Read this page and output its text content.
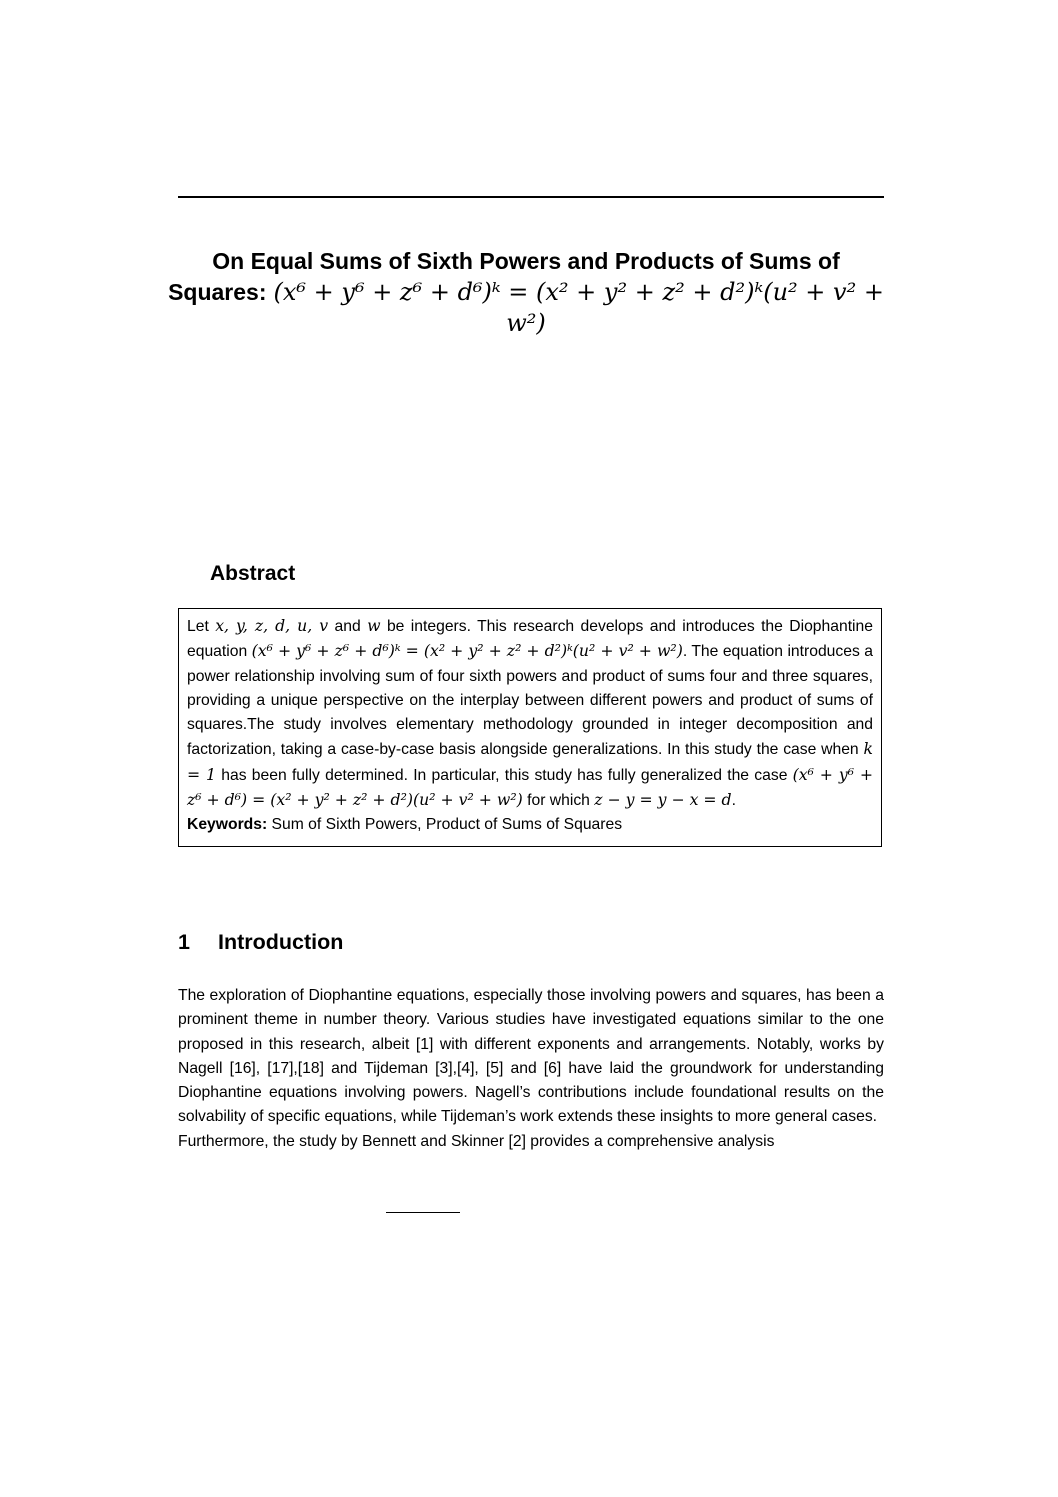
On Equal Sums of Sixth Powers and Products of Sums of
Squares: (x⁶ + y⁶ + z⁶ + d⁶)ᵏ = (x² + y² + z² + d²)ᵏ(u² + v² + w²)
Abstract

Let x, y, z, d, u, v and w be integers. This research develops and introduces the Diophantine equation (x⁶ + y⁶ + z⁶ + d⁶)ᵏ = (x² + y² + z² + d²)ᵏ(u² + v² + w²). The equation introduces a power relationship involving sum of four sixth powers and product of sums four and three squares, providing a unique perspective on the interplay between different powers and product of sums of squares.The study involves elementary methodology grounded in integer decomposition and factorization, taking a case-by-case basis alongside generalizations. In this study the case when k = 1 has been fully determined. In particular, this study has fully generalized the case (x⁶ + y⁶ + z⁶ + d⁶) = (x² + y² + z² + d²)(u² + v² + w²) for which z − y = y − x = d.

Keywords: Sum of Sixth Powers, Product of Sums of Squares

1 Introduction

The exploration of Diophantine equations, especially those involving powers and squares, has been a prominent theme in number theory. Various studies have investigated equations similar to the one proposed in this research, albeit [1] with different exponents and arrangements. Notably, works by Nagell [16], [17],[18] and Tijdeman [3],[4], [5] and [6] have laid the groundwork for understanding Diophantine equations involving powers. Nagell’s contributions include foundational results on the solvability of specific equations, while Tijdeman’s work extends these insights to more general cases.

Furthermore, the study by Bennett and Skinner [2] provides a comprehensive analysis
